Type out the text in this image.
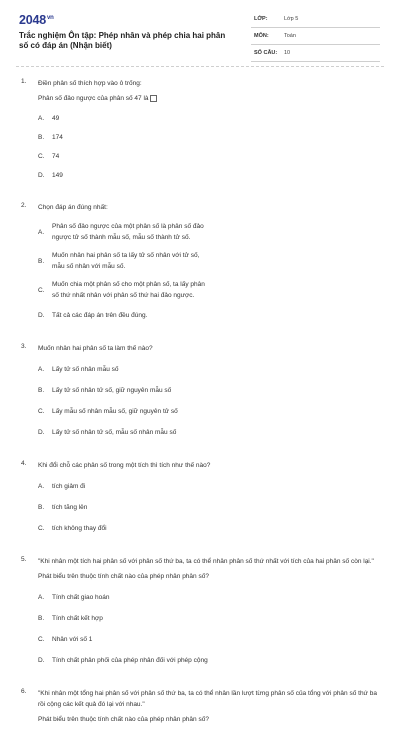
$2048^{vn}$
Trắc nghiệm Ôn tập: Phép nhân và phép chia hai phân số có đáp án (Nhận biết)
LỚP:	Lớp 5
MÔN:	Toán
SỐ CÂU: 10
1. Điền phân số thích hợp vào ô trống:
Phân số đảo ngược của phân số 47 là
A.	49
B.	174
C.	74
D.	149
2. Chọn đáp án đúng nhất:
A.
Phân số đảo ngược của một phân số là phân số đảo ngược tử số thành mẫu số, mẫu số thành tử số.
B.
Muốn nhân hai phân số ta lấy tử số nhân với tử số, mẫu số nhân với mẫu số.
C.
Muốn chia một phân số cho một phân số, ta lấy phân số thứ nhất nhân với phân số thứ hai đảo ngược.
D.	Tất cả các đáp án trên đều đúng.
3. Muốn nhân hai phân số ta làm thế nào?
A.	Lấy tử số nhân mẫu số
B.	Lấy tử số nhân tử số, giữ nguyên mẫu số
C.	Lấy mẫu số nhân mẫu số, giữ nguyên tử số
D.	Lấy tử số nhân tử số, mẫu số nhân mẫu số
4. Khi đổi chỗ các phân số trong một tích thì tích như thế nào?
A.	tích giảm đi
B.	tích tăng lên
C.	tích không thay đổi
5. "Khi nhân một tích hai phân số với phân số thứ ba, ta có thể nhân phân số thứ nhất với tích của hai phân số còn lại."
Phát biểu trên thuộc tính chất nào của phép nhân phân số?
A.	Tính chất giao hoán
B.	Tính chất kết hợp
C.	Nhân với số 1
D.	Tính chất phân phối của phép nhân đối với phép cộng
6. "Khi nhân một tổng hai phân số với phân số thứ ba, ta có thể nhân lần lượt từng phân số của tổng với phân số thứ ba rồi cộng các kết quả đó lại với nhau."
Phát biểu trên thuộc tính chất nào của phép nhân phân số?
